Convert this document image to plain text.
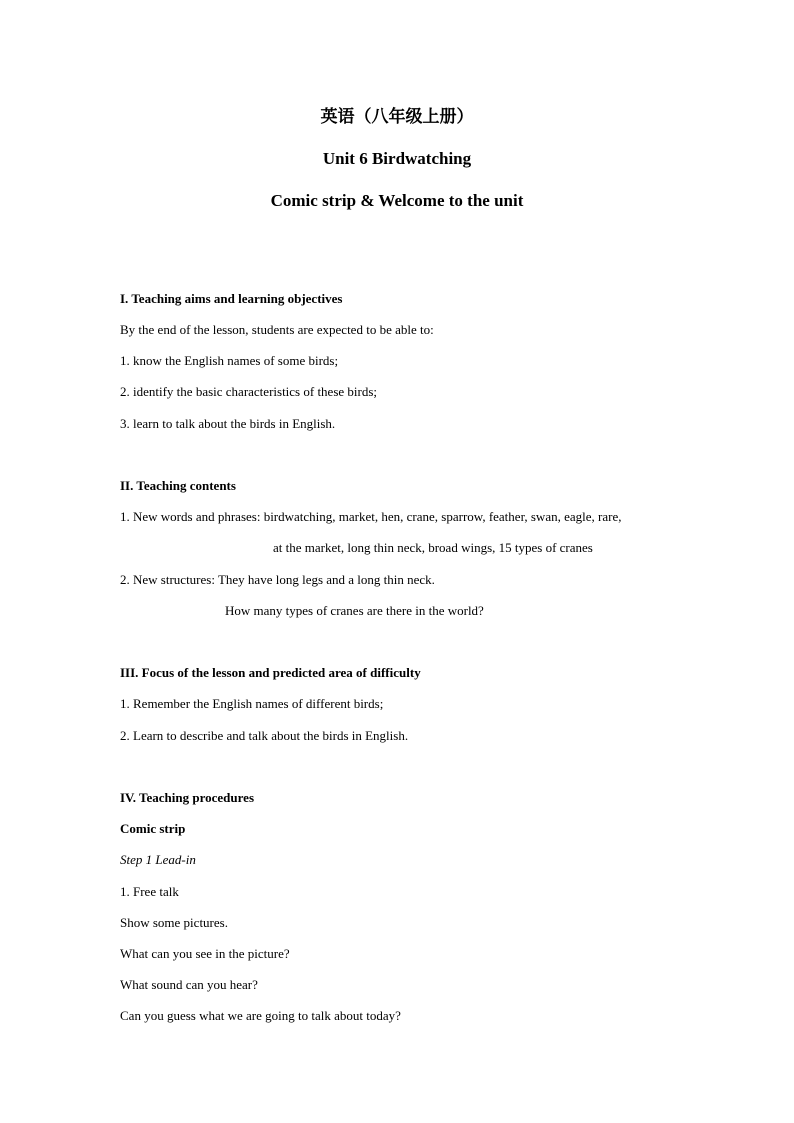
英语（八年级上册）
Unit 6 Birdwatching
Comic strip & Welcome to the unit
I. Teaching aims and learning objectives
By the end of the lesson, students are expected to be able to:
1. know the English names of some birds;
2. identify the basic characteristics of these birds;
3. learn to talk about the birds in English.
II. Teaching contents
1. New words and phrases: birdwatching, market, hen, crane, sparrow, feather, swan, eagle, rare,
at the market, long thin neck, broad wings, 15 types of cranes
2. New structures: They have long legs and a long thin neck.
How many types of cranes are there in the world?
III. Focus of the lesson and predicted area of difficulty
1. Remember the English names of different birds;
2. Learn to describe and talk about the birds in English.
IV. Teaching procedures
Comic strip
Step 1 Lead-in
1. Free talk
Show some pictures.
What can you see in the picture?
What sound can you hear?
Can you guess what we are going to talk about today?
